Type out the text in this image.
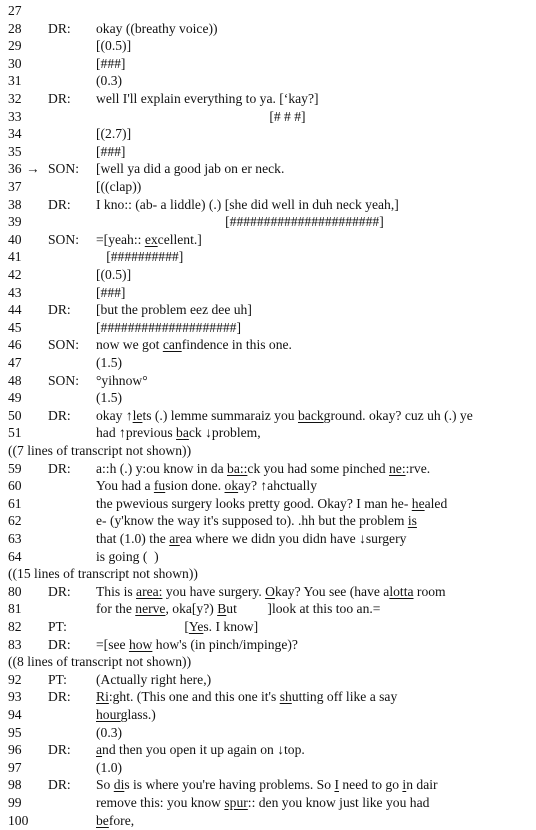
27
28 DR: okay ((breathy voice))
29	[(0.5)]
30	[###]
31	(0.3)
32 DR: well I'll explain everything to ya. [‘kay?]
33	[# # #]
34	[(2.7)]
35	[###]
36 → SON: [well ya did a good jab on er neck.
37	[((clap))
38 DR: I kno:: (ab- a liddle) (.) [she did well in duh neck yeah,]
39	[######################]
40 SON: =[yeah:: excellent.]
41	[##########]
42	[(0.5)]
43	[###]
44 DR: [but the problem eez dee uh]
45	[####################]
46 SON: now we got canfindence in this one.
47	(1.5)
48 SON: °yihnow°
49	(1.5)
50 DR: okay ↑lets (.) lemme summaraiz you background. okay? cuz uh (.) ye
51	had ↑previous back ↓problem,
((7 lines of transcript not shown))
59 DR: a::h (.) y:ou know in da ba::ck you had some pinched ne::rve.
60	You had a fusion done. okay? ↑ahctually
61	the pwevious surgery looks pretty good. Okay? I man he- healed
62	e- (y'know the way it's supposed to). .hh but the problem is
63	that (1.0) the area where we didn you didn have ↓surgery
64	is going (  )
((15 lines of transcript not shown))
80 DR: This is area: you have surgery. Okay? You see (have alotta room
81	for the nerve, oka[y?) But         ]look at this too an.=
82 PT: [Yes. I know]
83 DR: =[see how how's (in pinch/impinge)?
((8 lines of transcript not shown))
92 PT: (Actually right here,)
93 DR: Ri:ght. (This one and this one it's shutting off like a say
94	hourglass.)
95	(0.3)
96 DR: and then you open it up again on ↓top.
97	(1.0)
98 DR: So dis is where you're having problems. So I need to go in dair
99	remove this: you know spur:: den you know just like you had
100	before,
